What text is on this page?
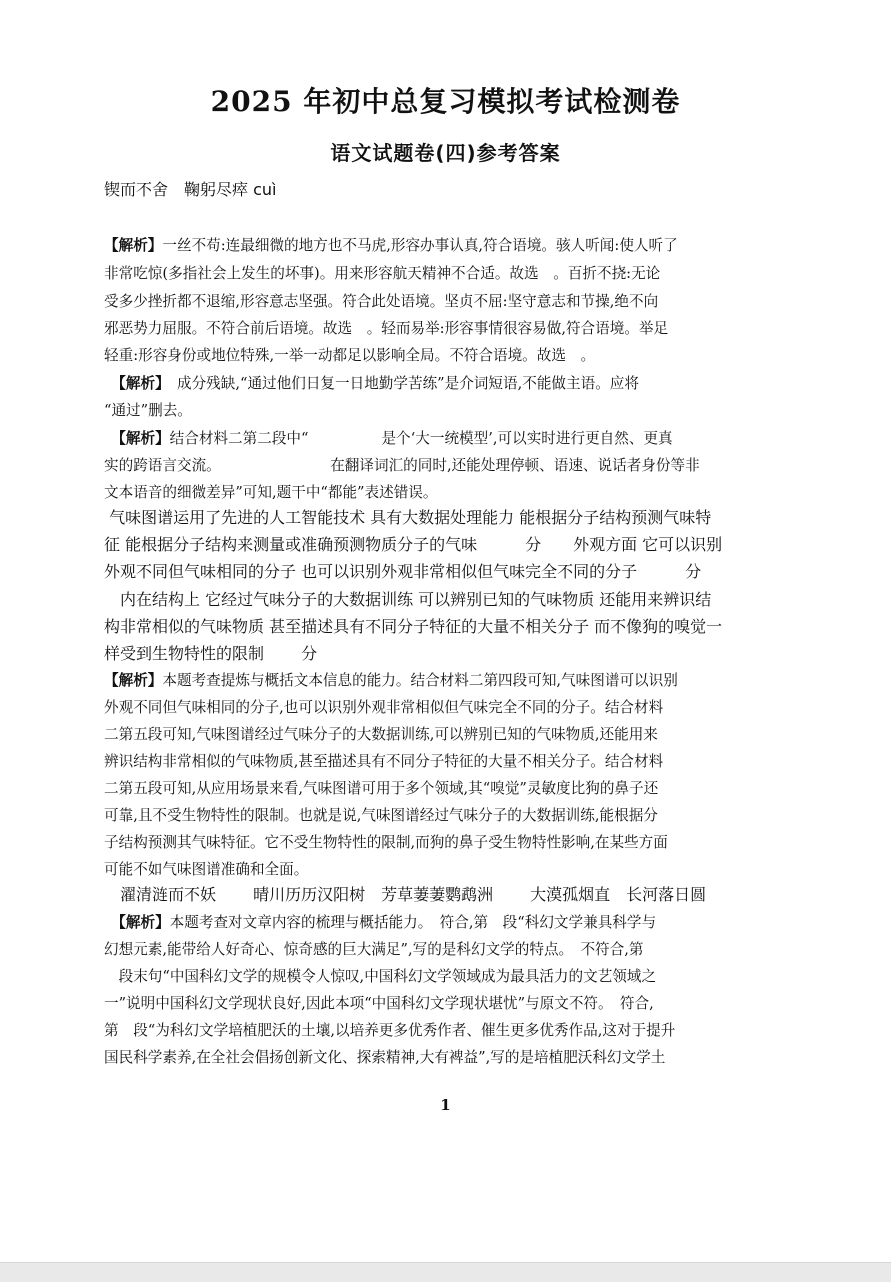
2025 年初中总复习模拟考试检测卷
语文试题卷(四)参考答案
锲而不舍　鞠躬尽瘁 cuì
【解析】一丝不苟:连最细微的地方也不马虎,形容办事认真,符合语境。骇人听闻:使人听了
非常吃惊(多指社会上发生的坏事)。用来形容航天精神不合适。故选　。百折不挠:无论
受多少挫折都不退缩,形容意志坚强。符合此处语境。坚贞不屈:坚守意志和节操,绝不向
邪恶势力屈服。不符合前后语境。故选　。轻而易举:形容事情很容易做,符合语境。举足
轻重:形容身份或地位特殊,一举一动都足以影响全局。不符合语境。故选　。
　【解析】　成分残缺,“通过他们日复一日地勤学苦练”是介词短语,不能做主语。应将
“通过”删去。
　【解析】结合材料二第二段中“　　　　　是个‘大一统模型’,可以实时进行更自然、更真
实的跨语言交流。　　　　　　　　在翻译词汇的同时,还能处理停顿、语速、说话者身份等非
文本语音的细微差异”可知,题干中“都能”表述错误。
气味图谱运用了先进的人工智能技术 具有大数据处理能力 能根据分子结构预测气味特
征 能根据分子结构来测量或准确预测物质分子的气味　　　分　　外观方面 它可以识别
外观不同但气味相同的分子 也可以识别外观非常相似但气味完全不同的分子　　　分
　内在结构上 它经过气味分子的大数据训练 可以辨别已知的气味物质 还能用来辨识结
构非常相似的气味物质 甚至描述具有不同分子特征的大量不相关分子 而不像狗的嗅觉一
样受到生物特性的限制　　 分
【解析】本题考查提炼与概括文本信息的能力。结合材料二第四段可知,气味图谱可以识别
外观不同但气味相同的分子,也可以识别外观非常相似但气味完全不同的分子。结合材料
二第五段可知,气味图谱经过气味分子的大数据训练,可以辨别已知的气味物质,还能用来
辨识结构非常相似的气味物质,甚至描述具有不同分子特征的大量不相关分子。结合材料
二第五段可知,从应用场景来看,气味图谱可用于多个领域,其“嗅觉”灵敏度比狗的鼻子还
可靠,且不受生物特性的限制。也就是说,气味图谱经过气味分子的大数据训练,能根据分
子结构预测其气味特征。它不受生物特性的限制,而狗的鼻子受生物特性影响,在某些方面
可能不如气味图谱准确和全面。
　濯清涟而不妖　　 晴川历历汉阳树　芳草萋萋鹦鹉洲　　 大漠孤烟直　长河落日圆
　【解析】本题考查对文章内容的梳理与概括能力。　符合,第　段“科幻文学兼具科学与
幻想元素,能带给人好奇心、惊奇感的巨大满足”,写的是科幻文学的特点。　不符合,第
　段末句“中国科幻文学的规模令人惊叹,中国科幻文学领域成为最具活力的文艺领域之
一”说明中国科幻文学现状良好,因此本项“中国科幻文学现状堪忧”与原文不符。　符合,
第　段“为科幻文学培植肥沃的土壤,以培养更多优秀作者、催生更多优秀作品,这对于提升
国民科学素养,在全社会倡扬创新文化、探索精神,大有裨益”,写的是培植肥沃科幻文学土
1
